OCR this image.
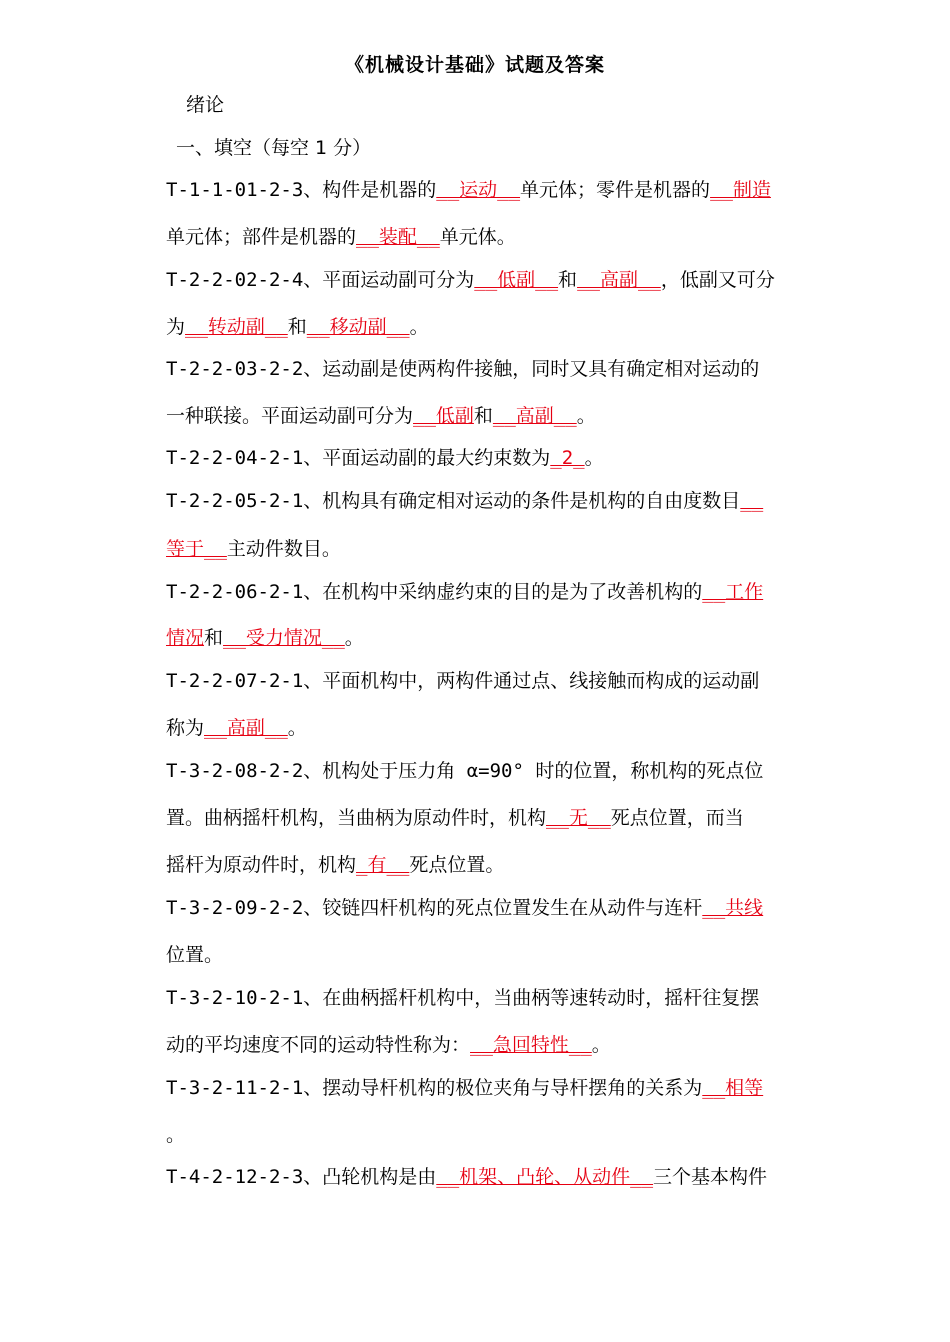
《机械设计基础》试题及答案
绪论
一、填空（每空 1 分）
T-1-1-01-2-3、构件是机器的__运动__单元体；零件是机器的__制造
单元体；部件是机器的__装配__单元体。
T-2-2-02-2-4、平面运动副可分为__低副__和__高副__，低副又可分
为__转动副__和__移动副__。
T-2-2-03-2-2、运动副是使两构件接触，同时又具有确定相对运动的
一种联接。平面运动副可分为__低副和__高副__。
T-2-2-04-2-1、平面运动副的最大约束数为_2_。
T-2-2-05-2-1、机构具有确定相对运动的条件是机构的自由度数目__
等于__主动件数目。
T-2-2-06-2-1、在机构中采纳虚约束的目的是为了改善机构的__工作
情况和__受力情况__。
T-2-2-07-2-1、平面机构中，两构件通过点、线接触而构成的运动副
称为__高副__。
T-3-2-08-2-2、机构处于压力角 α=90° 时的位置，称机构的死点位
置。曲柄摇杆机构，当曲柄为原动件时，机构__无__死点位置，而当
摇杆为原动件时，机构_有__死点位置。
T-3-2-09-2-2、铰链四杆机构的死点位置发生在从动件与连杆__共线
位置。
T-3-2-10-2-1、在曲柄摇杆机构中，当曲柄等速转动时，摇杆往复摆
动的平均速度不同的运动特性称为：__急回特性__。
T-3-2-11-2-1、摆动导杆机构的极位夹角与导杆摆角的关系为__相等
。
T-4-2-12-2-3、凸轮机构是由__机架、凸轮、从动件__三个基本构件
